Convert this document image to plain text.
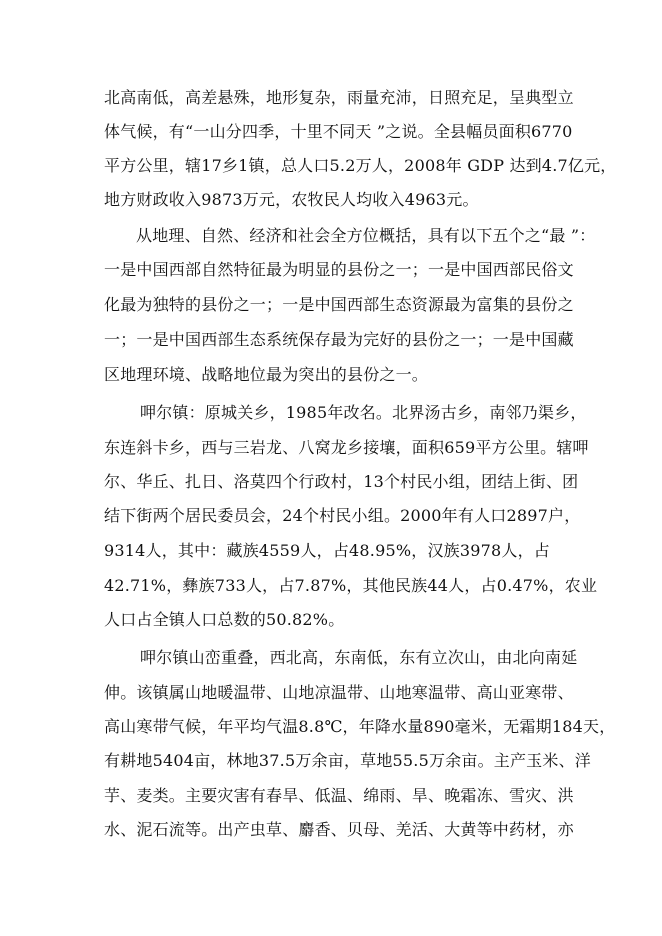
北高南低，高差悬殊，地形复杂，雨量充沛，日照充足，呈典型立
体气候，有“一山分四季，十里不同天 ”之说。全县幅员面积6770
平方公里，辖17乡1镇，总人口5.2万人，2008年 GDP 达到4.7亿元，
地方财政收入9873万元，农牧民人均收入4963元。
从地理、自然、经济和社会全方位概括，具有以下五个之“最 ”：
一是中国西部自然特征最为明显的县份之一；一是中国西部民俗文
化最为独特的县份之一；一是中国西部生态资源最为富集的县份之
一；一是中国西部生态系统保存最为完好的县份之一；一是中国藏
区地理环境、战略地位最为突出的县份之一。
呷尔镇：原城关乡，1985年改名。北界汤古乡，南邻乃渠乡，
东连斜卡乡，西与三岩龙、八窝龙乡接壤，面积659平方公里。辖呷
尔、华丘、扎日、洛莫四个行政村，13个村民小组，团结上街、团
结下街两个居民委员会，24个村民小组。2000年有人口2897户，
9314人，其中：藏族4559人，占48.95%，汉族3978人，占
42.71%，彝族733人，占7.87%，其他民族44人，占0.47%，农业
人口占全镇人口总数的50.82%。
呷尔镇山峦重叠，西北高，东南低，东有立次山，由北向南延
伸。该镇属山地暖温带、山地凉温带、山地寒温带、高山亚寒带、
高山寒带气候，年平均气温8.8℃，年降水量890毫米，无霜期184天，
有耕地5404亩，林地37.5万余亩，草地55.5万余亩。主产玉米、洋
芋、麦类。主要灾害有春旱、低温、绵雨、旱、晚霜冻、雪灾、洪
水、泥石流等。出产虫草、麝香、贝母、羌活、大黄等中药材，亦
